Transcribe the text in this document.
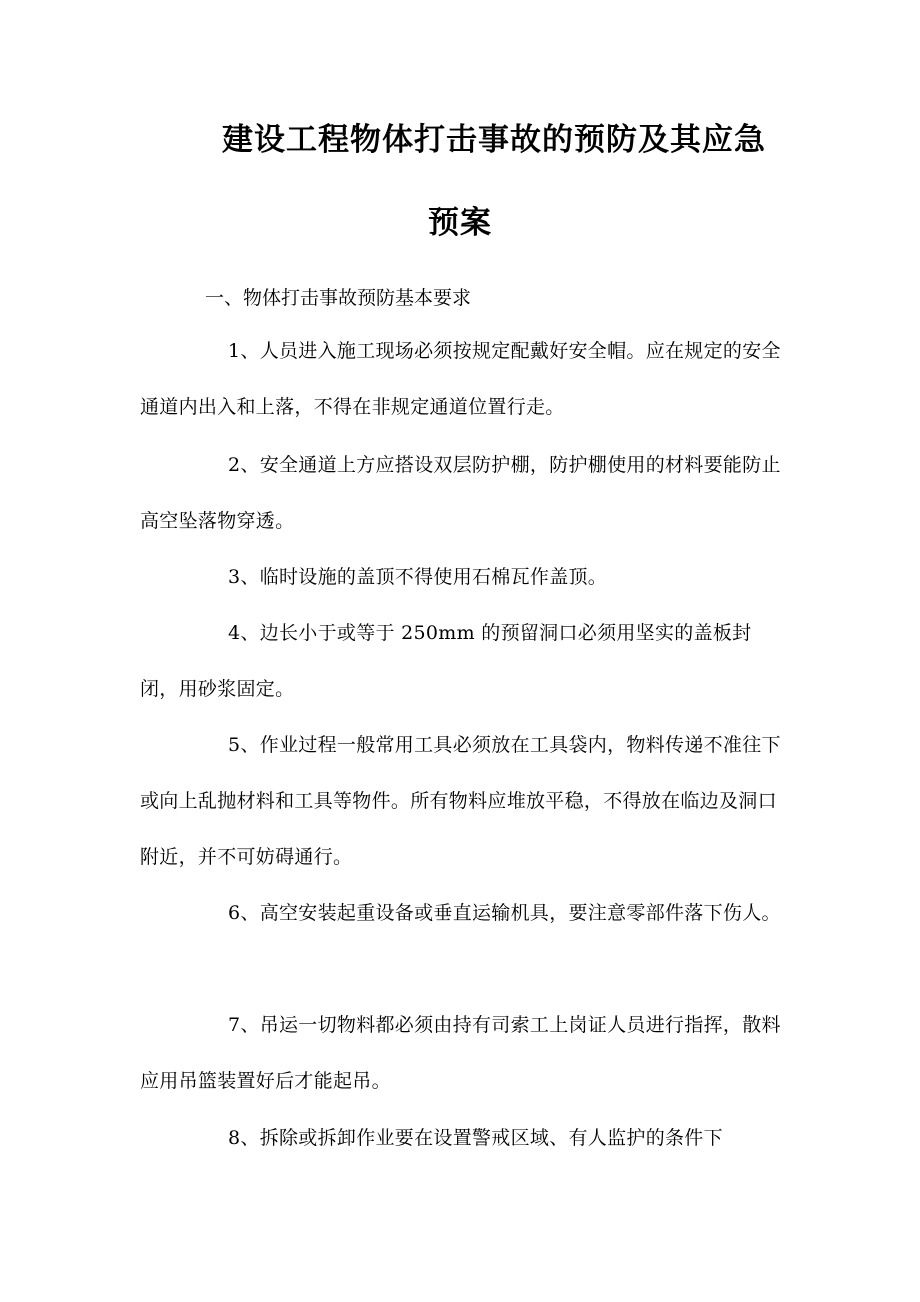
建设工程物体打击事故的预防及其应急
预案
一、物体打击事故预防基本要求

1、人员进入施工现场必须按规定配戴好安全帽。应在规定的安全通道内出入和上落，不得在非规定通道位置行走。

2、安全通道上方应搭设双层防护棚，防护棚使用的材料要能防止高空坠落物穿透。

3、临时设施的盖顶不得使用石棉瓦作盖顶。

4、边长小于或等于 250mm 的预留洞口必须用坚实的盖板封闭，用砂浆固定。

5、作业过程一般常用工具必须放在工具袋内，物料传递不准往下或向上乱抛材料和工具等物件。所有物料应堆放平稳，不得放在临边及洞口附近，并不可妨碍通行。

6、高空安装起重设备或垂直运输机具，要注意零部件落下伤人。

7、吊运一切物料都必须由持有司索工上岗证人员进行指挥，散料应用吊篮装置好后才能起吊。

8、拆除或拆卸作业要在设置警戒区域、有人监护的条件下
